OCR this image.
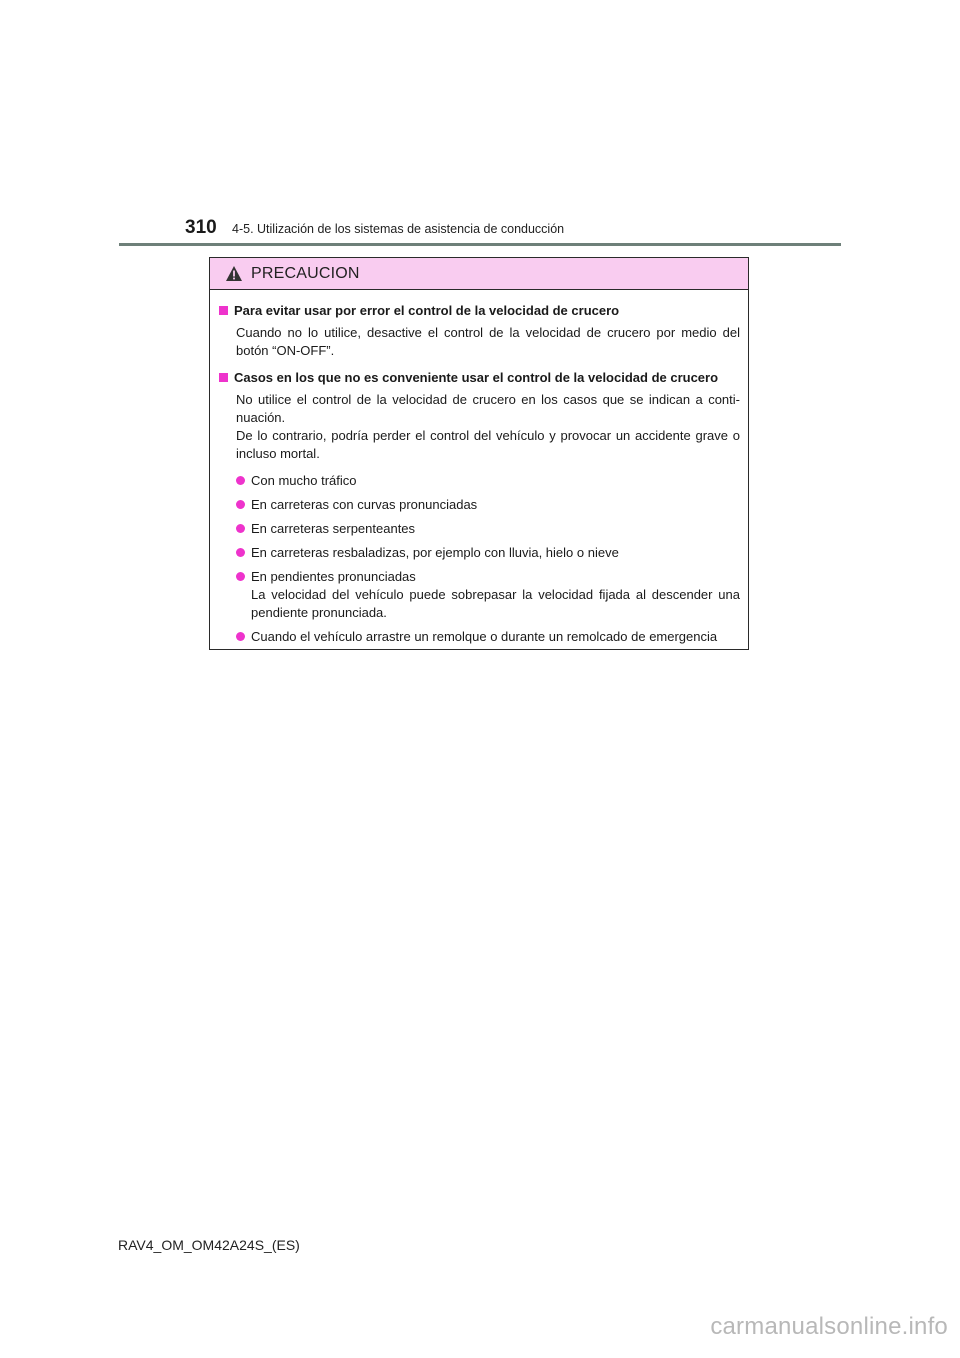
310 4-5. Utilización de los sistemas de asistencia de conducción
PRECAUCION
Para evitar usar por error el control de la velocidad de crucero
Cuando no lo utilice, desactive el control de la velocidad de crucero por medio del botón “ON-OFF”.
Casos en los que no es conveniente usar el control de la velocidad de crucero
No utilice el control de la velocidad de crucero en los casos que se indican a conti-nuación.
De lo contrario, podría perder el control del vehículo y provocar un accidente grave o incluso mortal.
Con mucho tráfico
En carreteras con curvas pronunciadas
En carreteras serpenteantes
En carreteras resbaladizas, por ejemplo con lluvia, hielo o nieve
En pendientes pronunciadas
La velocidad del vehículo puede sobrepasar la velocidad fijada al descender una pendiente pronunciada.
Cuando el vehículo arrastre un remolque o durante un remolcado de emergencia
RAV4_OM_OM42A24S_(ES)
carmanualsonline.info
